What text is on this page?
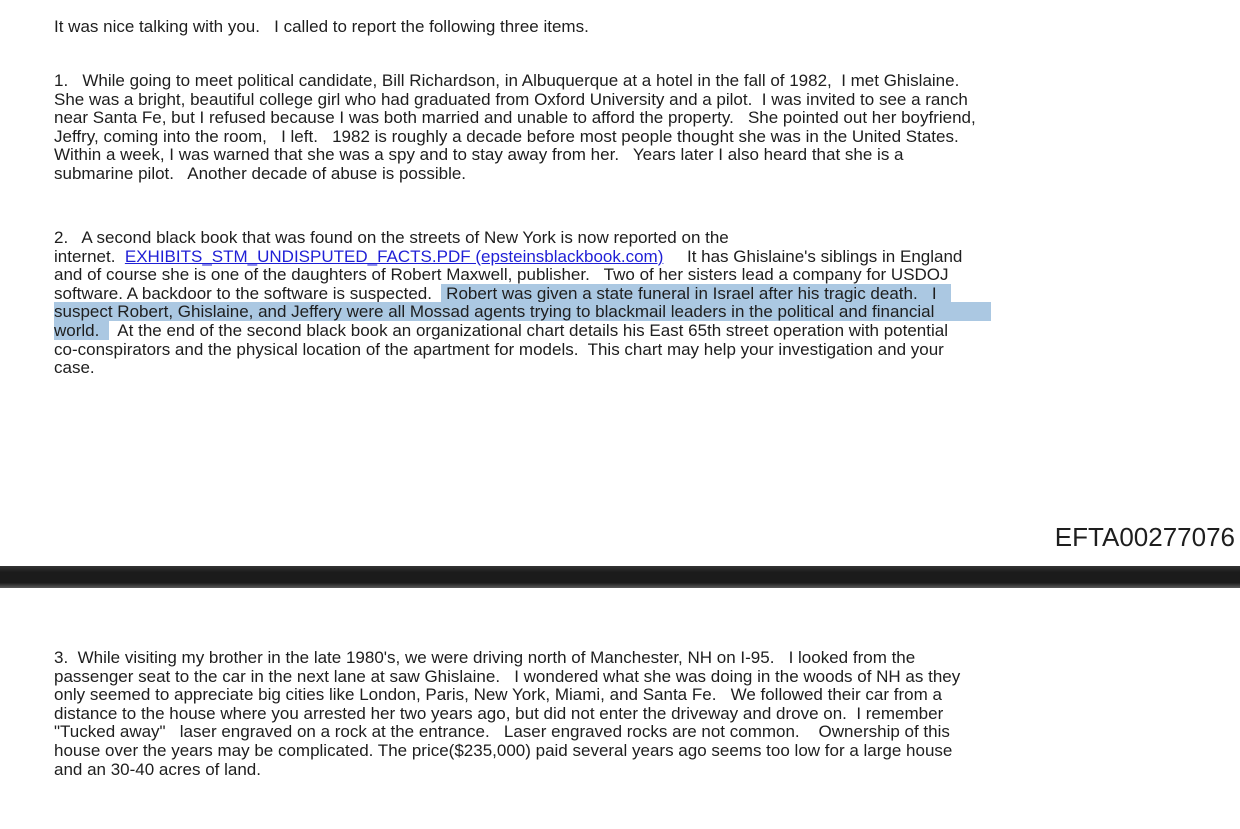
It was nice talking with you.   I called to report the following three items.
1.   While going to meet political candidate, Bill Richardson, in Albuquerque at a hotel in the fall of 1982,  I met Ghislaine.
She was a bright, beautiful college girl who had graduated from Oxford University and a pilot.  I was invited to see a ranch
near Santa Fe, but I refused because I was both married and unable to afford the property.   She pointed out her boyfriend,
Jeffry, coming into the room,   I left.   1982 is roughly a decade before most people thought she was in the United States.
Within a week, I was warned that she was a spy and to stay away from her.   Years later I also heard that she is a
submarine pilot.   Another decade of abuse is possible.
2.   A second black book that was found on the streets of New York is now reported on the
internet.  EXHIBITS_STM_UNDISPUTED_FACTS.PDF (epsteinsblackbook.com)     It has Ghislaine's siblings in England
and of course she is one of the daughters of Robert Maxwell, publisher.   Two of her sisters lead a company for USDOJ
software. A backdoor to the software is suspected.   Robert was given a state funeral in Israel after his tragic death.   I
suspect Robert, Ghislaine, and Jeffery were all Mossad agents trying to blackmail leaders in the political and financial
world.    At the end of the second black book an organizational chart details his East 65th street operation with potential
co-conspirators and the physical location of the apartment for models.  This chart may help your investigation and your
case.
EFTA00277076
3.  While visiting my brother in the late 1980's, we were driving north of Manchester, NH on I-95.   I looked from the
passenger seat to the car in the next lane at saw Ghislaine.   I wondered what she was doing in the woods of NH as they
only seemed to appreciate big cities like London, Paris, New York, Miami, and Santa Fe.   We followed their car from a
distance to the house where you arrested her two years ago, but did not enter the driveway and drove on.  I remember
"Tucked away"   laser engraved on a rock at the entrance.   Laser engraved rocks are not common.    Ownership of this
house over the years may be complicated. The price($235,000) paid several years ago seems too low for a large house
and an 30-40 acres of land.
